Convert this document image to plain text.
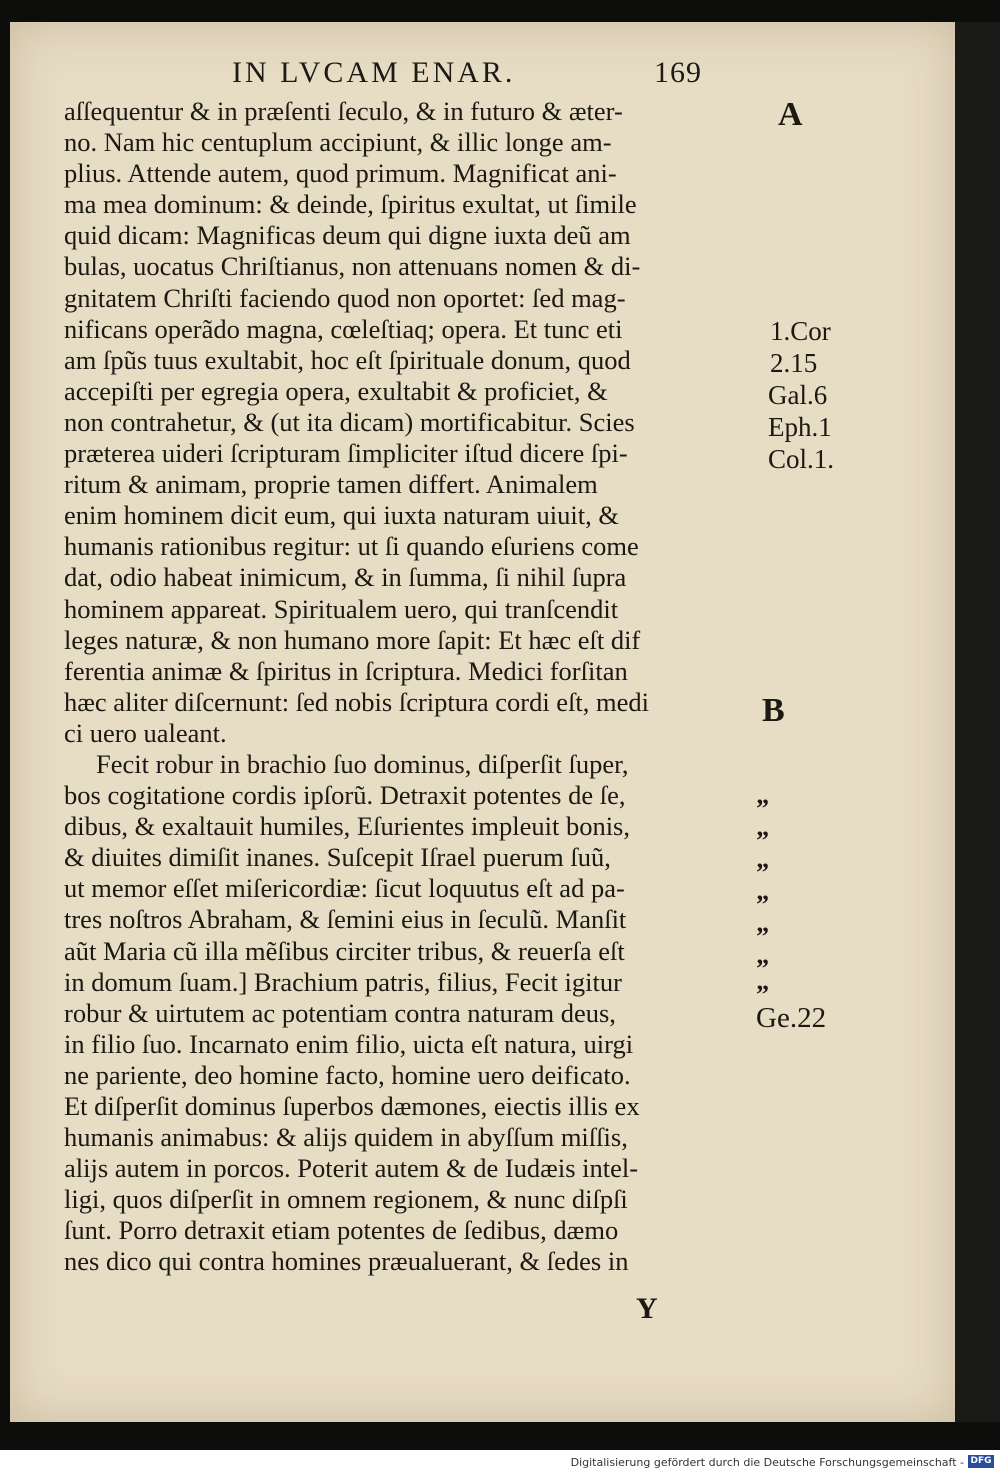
IN LVCAM ENAR.	169
aſſequentur & in præſenti ſeculo, & in futuro & æter-
no. Nam hic centuplum accipiunt, & illic longe am-
plius. Attende autem, quod primum. Magnificat ani-
ma mea dominum: & deinde, ſpiritus exultat, ut ſimile
quid dicam: Magnificas deum qui digne iuxta deũ am
bulas, uocatus Chriſtianus, non attenuans nomen & di-
gnitatem Chriſti faciendo quod non oportet: ſed mag-
nificans operãdo magna, cœleſtiaq; opera. Et tunc eti
am ſpũs tuus exultabit, hoc eſt ſpirituale donum, quod
accepiſti per egregia opera, exultabit & proficiet, &
non contrahetur, & (ut ita dicam) mortificabitur. Scies
præterea uideri ſcripturam ſimpliciter iſtud dicere ſpi-
ritum & animam, proprie tamen differt. Animalem
enim hominem dicit eum, qui iuxta naturam uiuit, &
humanis rationibus regitur: ut ſi quando eſuriens come
dat, odio habeat inimicum, & in ſumma, ſi nihil ſupra
hominem appareat. Spiritualem uero, qui tranſcendit
leges naturæ, & non humano more ſapit: Et hæc eſt dif
ferentia animæ & ſpiritus in ſcriptura. Medici forſitan
hæc aliter diſcernunt: ſed nobis ſcriptura cordi eſt, medi
ci uero ualeant.
Fecit robur in brachio ſuo dominus, diſperſit ſuper,
bos cogitatione cordis ipſorũ. Detraxit potentes de ſe,
dibus, & exaltauit humiles, Eſurientes impleuit bonis,
& diuites dimiſit inanes. Suſcepit Iſrael puerum ſuũ,
ut memor eſſet miſericordiæ: ſicut loquutus eſt ad pa-
tres noſtros Abraham, & ſemini eius in ſeculũ. Manſit
aũt Maria cũ illa mẽſibus circiter tribus, & reuerſa eſt
in domum ſuam.] Brachium patris, filius, Fecit igitur
robur & uirtutem ac potentiam contra naturam deus,
in filio ſuo. Incarnato enim filio, uicta eſt natura, uirgi
ne pariente, deo homine facto, homine uero deificato.
Et diſperſit dominus ſuperbos dæmones, eiectis illis ex
humanis animabus: & alijs quidem in abyſſum miſſis,
alijs autem in porcos. Poterit autem & de Iudæis intel-
ligi, quos diſperſit in omnem regionem, & nunc diſpſi
ſunt. Porro detraxit etiam potentes de ſedibus, dæmo
nes dico qui contra homines præualuerant, & ſedes in
A
1.Cor
2.15
Gal.6
Eph.1
Col.1.
B
”
”
”
”
”
”
”
Ge.22
Y
Digitalisierung gefördert durch die Deutsche Forschungsgemeinschaft - DFG
